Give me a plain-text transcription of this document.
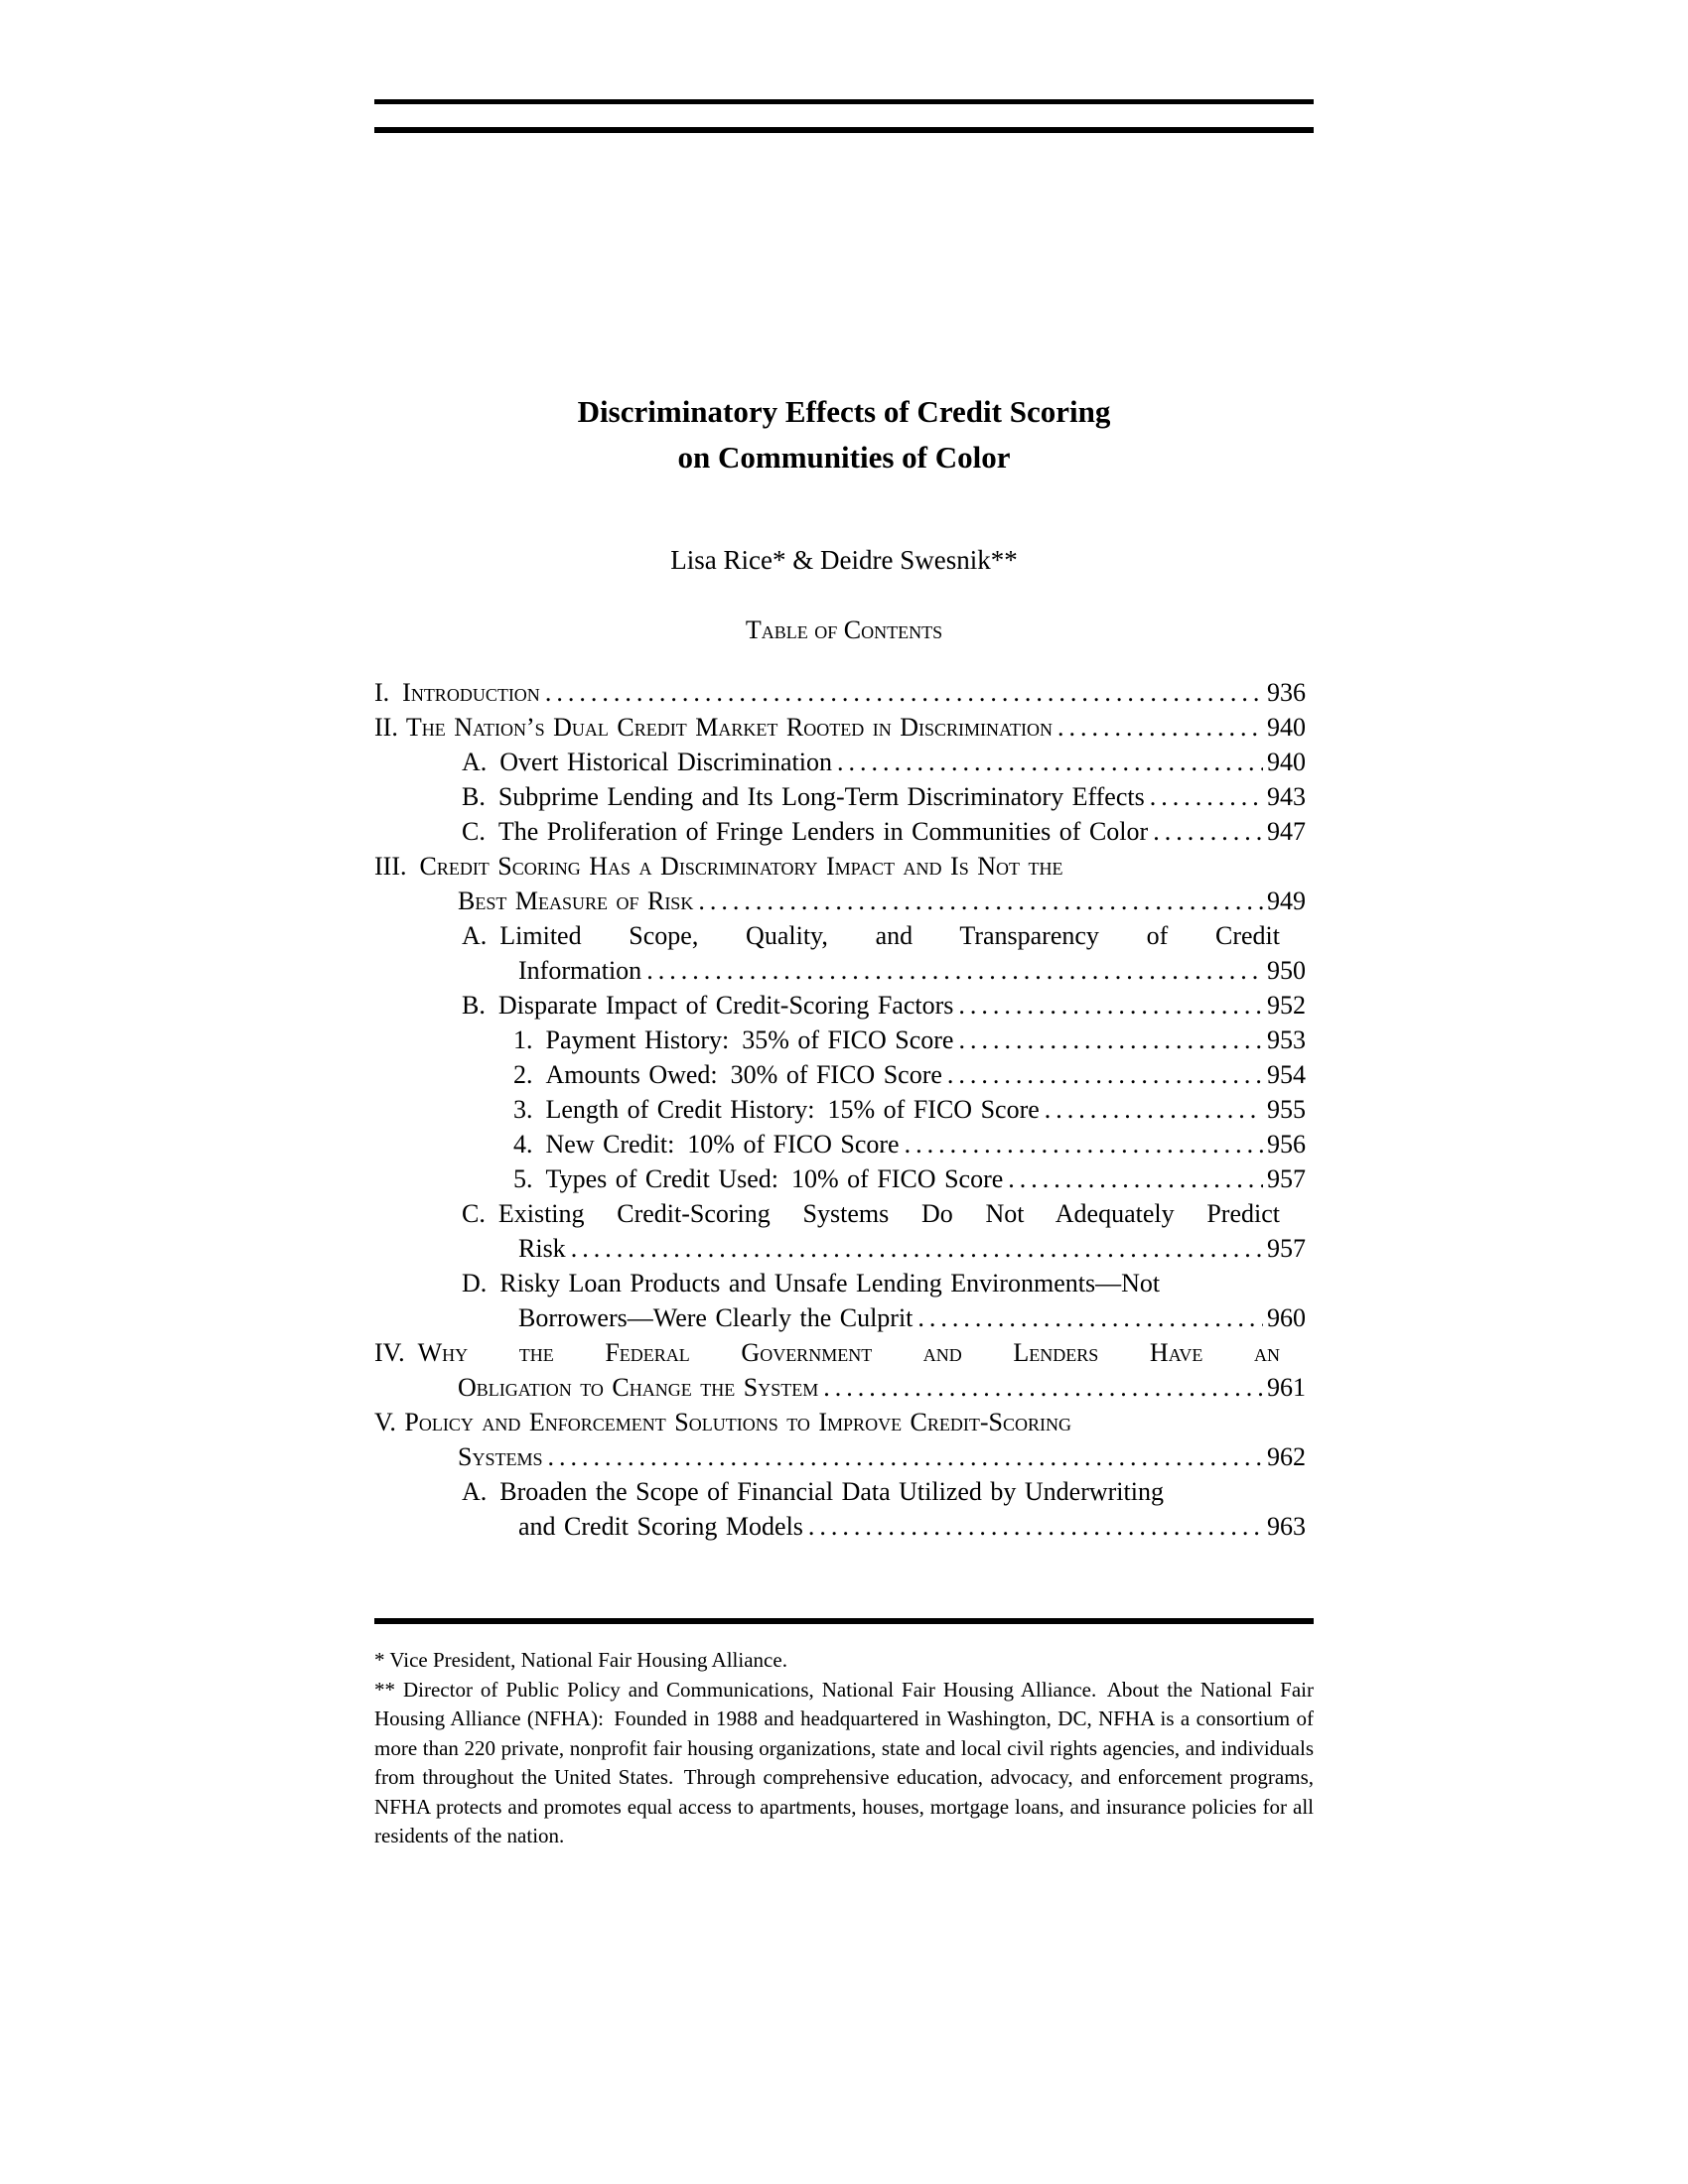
Discriminatory Effects of Credit Scoring
on Communities of Color
Lisa Rice* & Deidre Swesnik**
Table of Contents
I. Introduction .....	936
II. The Nation’s Dual Credit Market Rooted in Discrimination .....	940
A. Overt Historical Discrimination .....	940
B. Subprime Lending and Its Long-Term Discriminatory Effects .....	943
C. The Proliferation of Fringe Lenders in Communities of Color .....	947
III. Credit Scoring Has a Discriminatory Impact and Is Not the
Best Measure of Risk .....	949
A. Limited Scope, Quality, and Transparency of Credit
Information .....	950
B. Disparate Impact of Credit-Scoring Factors .....	952
1. Payment History: 35% of FICO Score .....	953
2. Amounts Owed: 30% of FICO Score .....	954
3. Length of Credit History: 15% of FICO Score .....	955
4. New Credit: 10% of FICO Score .....	956
5. Types of Credit Used: 10% of FICO Score .....	957
C. Existing Credit-Scoring Systems Do Not Adequately Predict
Risk .....	957
D. Risky Loan Products and Unsafe Lending Environments—Not
Borrowers—Were Clearly the Culprit .....	960
IV. Why the Federal Government and Lenders Have an
Obligation to Change the System .....	961
V. Policy and Enforcement Solutions to Improve Credit-Scoring
Systems .....	962
A. Broaden the Scope of Financial Data Utilized by Underwriting
and Credit Scoring Models .....	963
* Vice President, National Fair Housing Alliance.
** Director of Public Policy and Communications, National Fair Housing Alliance. About the National Fair Housing Alliance (NFHA): Founded in 1988 and headquartered in Washington, DC, NFHA is a consortium of more than 220 private, nonprofit fair housing organizations, state and local civil rights agencies, and individuals from throughout the United States. Through comprehensive education, advocacy, and enforcement programs, NFHA protects and promotes equal access to apartments, houses, mortgage loans, and insurance policies for all residents of the nation.
